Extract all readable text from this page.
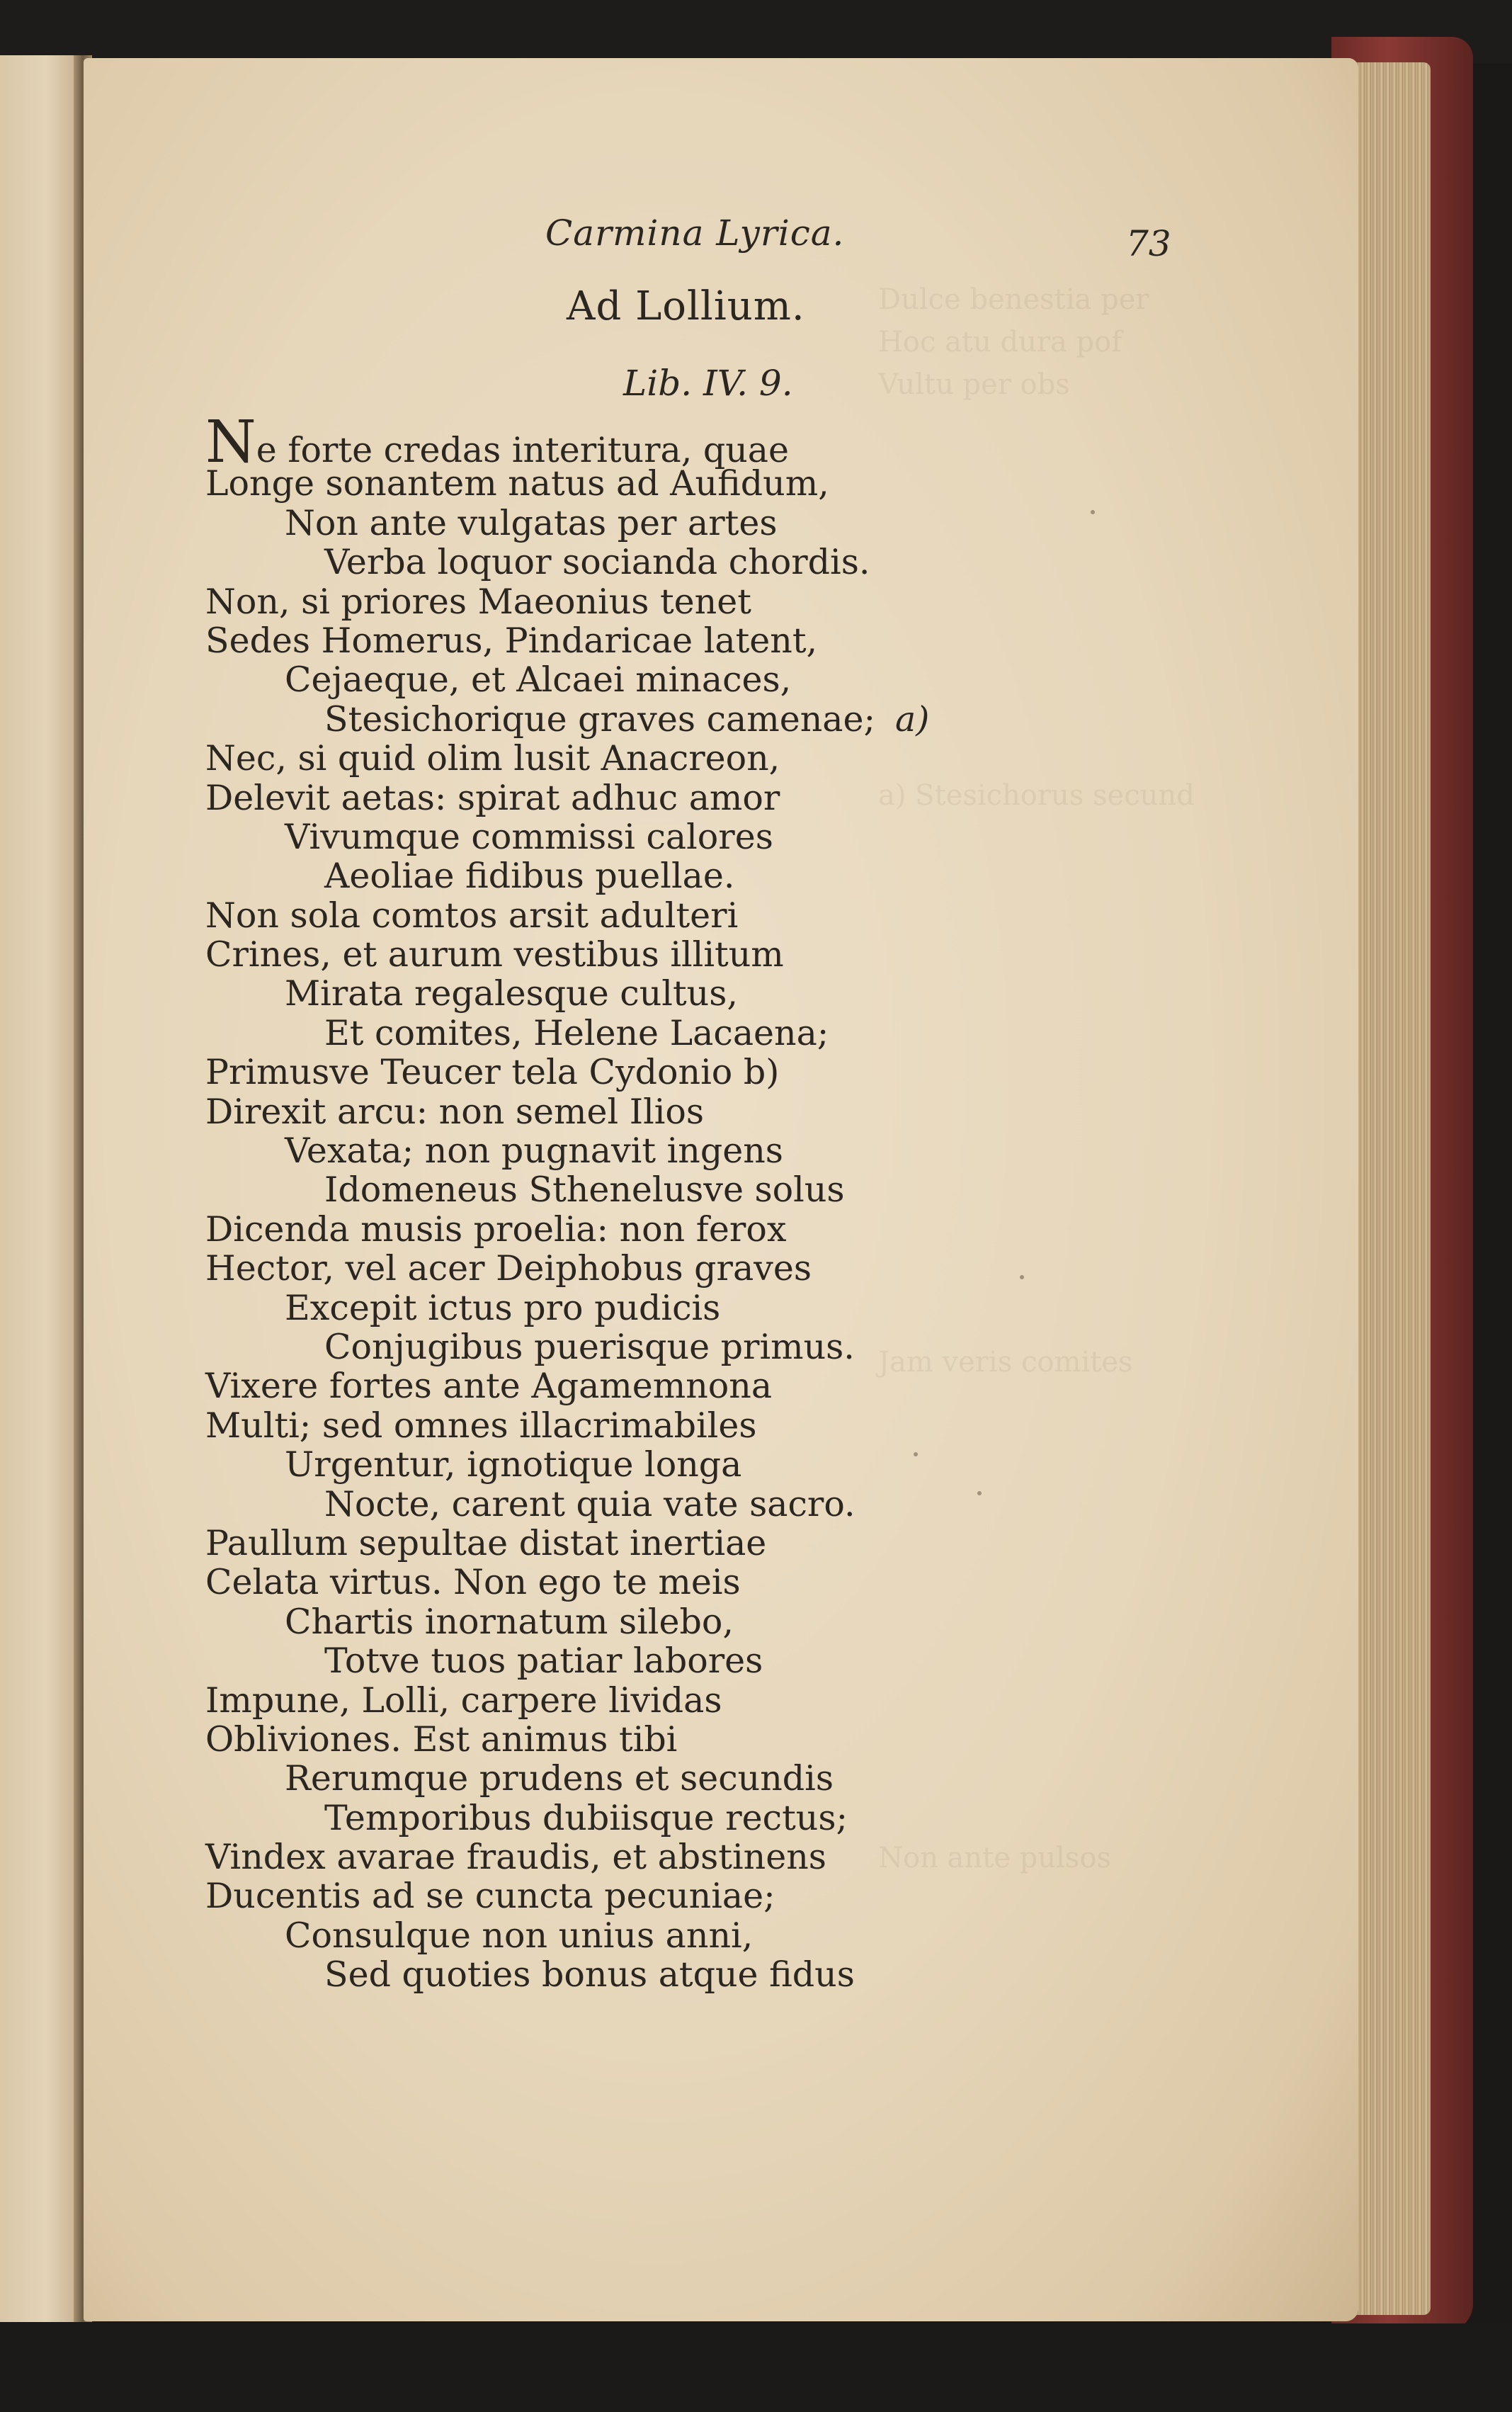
Dulce benestia per
Hoc atu dura pof
Vultu per obs
a) Stesichorus secund
Jam veris comites
Non ante pulsos
Carmina Lyrica.	73
Ad Lollium.
Lib. IV. 9.
Ne forte credas interitura, quae
Longe sonantem natus ad Aufidum,
Non ante vulgatas per artes
Verba loquor socianda chordis.
Non, si priores Maeonius tenet
Sedes Homerus, Pindaricae latent,
Cejaeque, et Alcaei minaces,
Stesichorique graves camenae; a)
Nec, si quid olim lusit Anacreon,
Delevit aetas: spirat adhuc amor
Vivumque commissi calores
Aeoliae fidibus puellae.
Non sola comtos arsit adulteri
Crines, et aurum vestibus illitum
Mirata regalesque cultus,
Et comites, Helene Lacaena;
Primusve Teucer tela Cydonio b)
Direxit arcu: non semel Ilios
Vexata; non pugnavit ingens
Idomeneus Sthenelusve solus
Dicenda musis proelia: non ferox
Hector, vel acer Deiphobus graves
Excepit ictus pro pudicis
Conjugibus puerisque primus.
Vixere fortes ante Agamemnona
Multi; sed omnes illacrimabiles
Urgentur, ignotique longa
Nocte, carent quia vate sacro.
Paullum sepultae distat inertiae
Celata virtus. Non ego te meis
Chartis inornatum silebo,
Totve tuos patiar labores
Impune, Lolli, carpere lividas
Obliviones. Est animus tibi
Rerumque prudens et secundis
Temporibus dubiisque rectus;
Vindex avarae fraudis, et abstinens
Ducentis ad se cuncta pecuniae;
Consulque non unius anni,
Sed quoties bonus atque fidus
